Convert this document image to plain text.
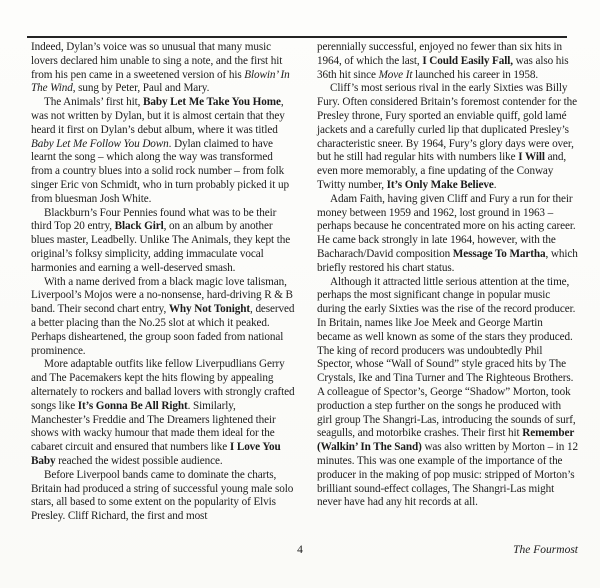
Indeed, Dylan’s voice was so unusual that many music lovers declared him unable to sing a note, and the first hit from his pen came in a sweetened version of his Blowin’ In The Wind, sung by Peter, Paul and Mary.

The Animals’ first hit, Baby Let Me Take You Home, was not written by Dylan, but it is almost certain that they heard it first on Dylan’s debut album, where it was titled Baby Let Me Follow You Down. Dylan claimed to have learnt the song – which along the way was transformed from a country blues into a solid rock number – from folk singer Eric von Schmidt, who in turn probably picked it up from bluesman Josh White.

Blackburn’s Four Pennies found what was to be their third Top 20 entry, Black Girl, on an album by another blues master, Leadbelly. Unlike The Animals, they kept the original’s folksy simplicity, adding immaculate vocal harmonies and earning a well-deserved smash.

With a name derived from a black magic love talisman, Liverpool’s Mojos were a no-nonsense, hard-driving R & B band. Their second chart entry, Why Not Tonight, deserved a better placing than the No.25 slot at which it peaked. Perhaps disheartened, the group soon faded from national prominence.

More adaptable outfits like fellow Liverpudlians Gerry and The Pacemakers kept the hits flowing by appealing alternately to rockers and ballad lovers with strongly crafted songs like It’s Gonna Be All Right. Similarly, Manchester’s Freddie and The Dreamers lightened their shows with wacky humour that made them ideal for the cabaret circuit and ensured that numbers like I Love You Baby reached the widest possible audience.

Before Liverpool bands came to dominate the charts, Britain had produced a string of successful young male solo stars, all based to some extent on the popularity of Elvis Presley. Cliff Richard, the first and most

perennially successful, enjoyed no fewer than six hits in 1964, of which the last, I Could Easily Fall, was also his 36th hit since Move It launched his career in 1958.

Cliff’s most serious rival in the early Sixties was Billy Fury. Often considered Britain’s foremost contender for the Presley throne, Fury sported an enviable quiff, gold lamé jackets and a carefully curled lip that duplicated Presley’s characteristic sneer. By 1964, Fury’s glory days were over, but he still had regular hits with numbers like I Will and, even more memorably, a fine updating of the Conway Twitty number, It’s Only Make Believe.

Adam Faith, having given Cliff and Fury a run for their money between 1959 and 1962, lost ground in 1963 – perhaps because he concentrated more on his acting career. He came back strongly in late 1964, however, with the Bacharach/David composition Message To Martha, which briefly restored his chart status.

Although it attracted little serious attention at the time, perhaps the most significant change in popular music during the early Sixties was the rise of the record producer. In Britain, names like Joe Meek and George Martin became as well known as some of the stars they produced. The king of record producers was undoubtedly Phil Spector, whose “Wall of Sound” style graced hits by The Crystals, Ike and Tina Turner and The Righteous Brothers. A colleague of Spector’s, George “Shadow” Morton, took production a step further on the songs he produced with girl group The Shangri-Las, introducing the sounds of surf, seagulls, and motorbike crashes. Their first hit Remember (Walkin’ In The Sand) was also written by Morton – in 12 minutes. This was one example of the importance of the producer in the making of pop music: stripped of Morton’s brilliant sound-effect collages, The Shangri-Las might never have had any hit records at all.

4	The Fourmost
